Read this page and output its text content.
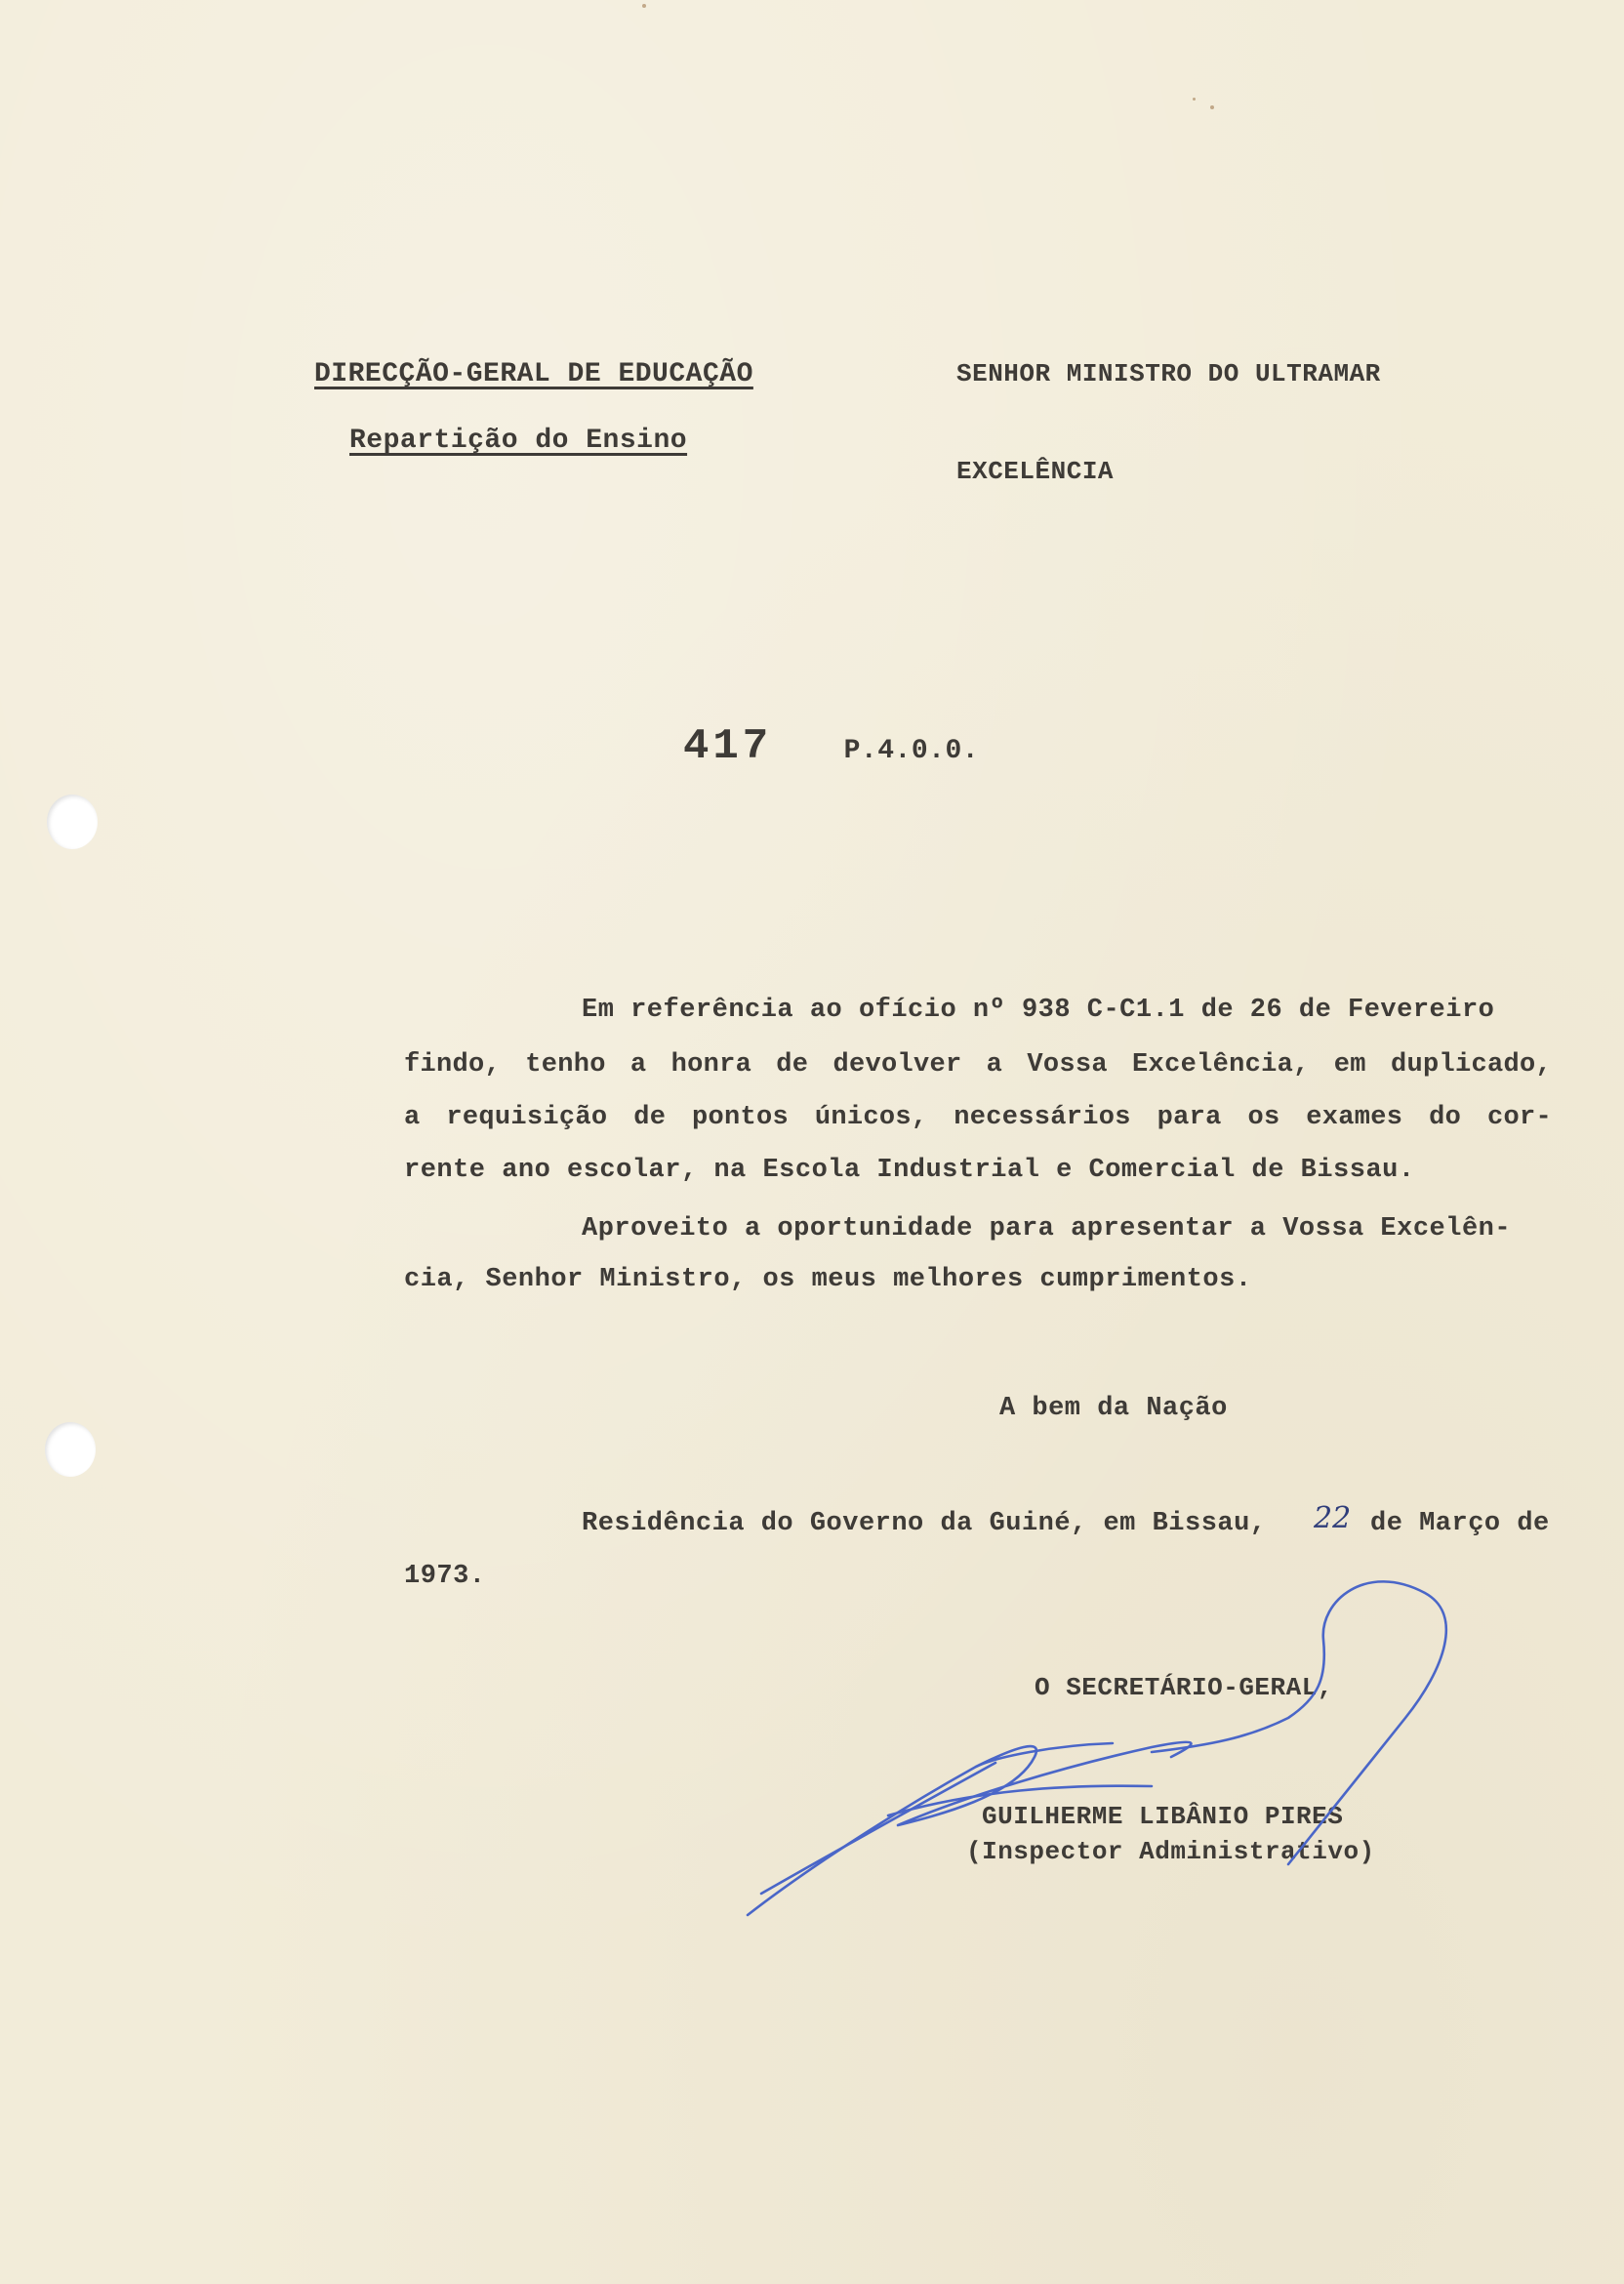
DIRECÇÃO-GERAL DE EDUCAÇÃO
Repartição do Ensino
SENHOR MINISTRO DO ULTRAMAR
EXCELÊNCIA
417	P.4.0.0.
Em referência ao ofício nº 938 C-C1.1 de 26 de Fevereiro
findo, tenho a honra de devolver a Vossa Excelência, em duplicado,
a requisição de pontos únicos, necessários para os exames do cor-
rente ano escolar, na Escola Industrial e Comercial de Bissau.
Aproveito a oportunidade para apresentar a Vossa Excelên-
cia, Senhor Ministro, os meus melhores cumprimentos.
A bem da Nação
Residência do Governo da Guiné, em Bissau, 22 de Março de
1973.
O SECRETÁRIO-GERAL,
GUILHERME LIBÂNIO PIRES
(Inspector Administrativo)
